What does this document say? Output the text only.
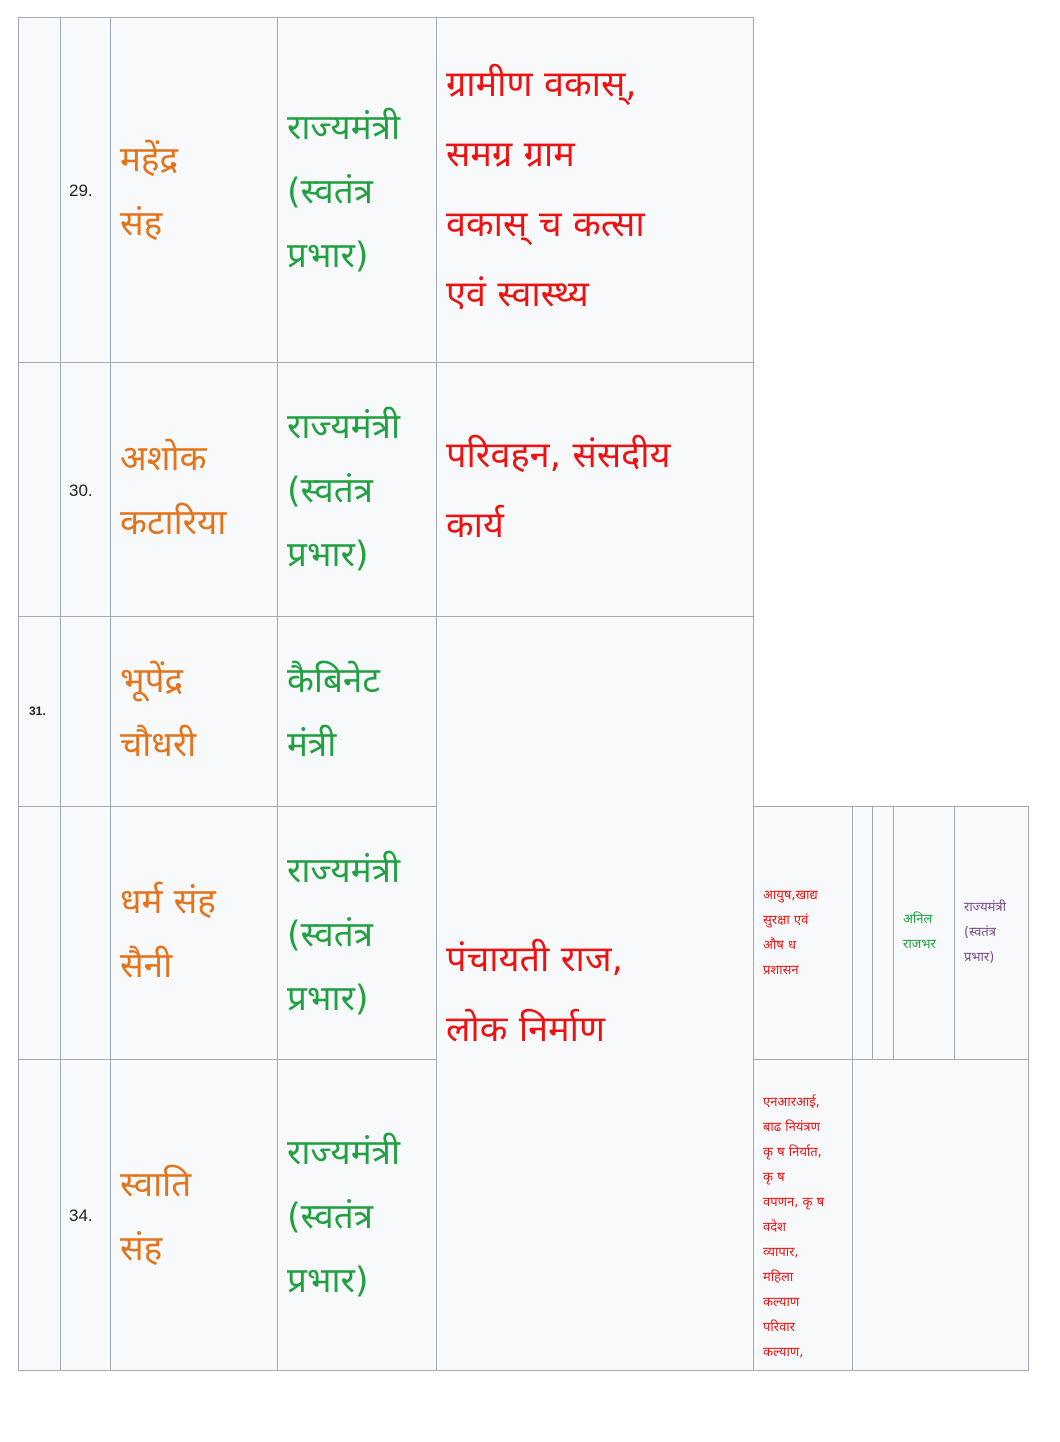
29.
महेंद्र
संह
राज्यमंत्री
(स्वतंत्र
प्रभार)
ग्रामीण वकास्,
समग्र ग्राम
वकास् च कत्सा
एवं स्वास्थ्य
30.
अशोक
कटारिया
राज्यमंत्री
(स्वतंत्र
प्रभार)
परिवहन, संसदीय
कार्य
31.
भूपेंद्र
चौधरी
कैबिनेट
मंत्री
धर्म संह
सैनी
राज्यमंत्री
(स्वतंत्र
प्रभार)
34.
स्वाति
संह
राज्यमंत्री
(स्वतंत्र
प्रभार)
पंचायती राज,
लोक निर्माण
आयुष,खाद्य
सुरक्षा एवं
औष ध
प्रशासन
अनिल
राजभर
राज्यमंत्री
(स्वतंत्र
प्रभार)
एनआरआई,
बाढ नियंत्रण
कृ ष निर्यात,
कृ ष
वपणन, कृ ष
वदेश
व्यापार,
महिला
कल्याण
परिवार
कल्याण,
